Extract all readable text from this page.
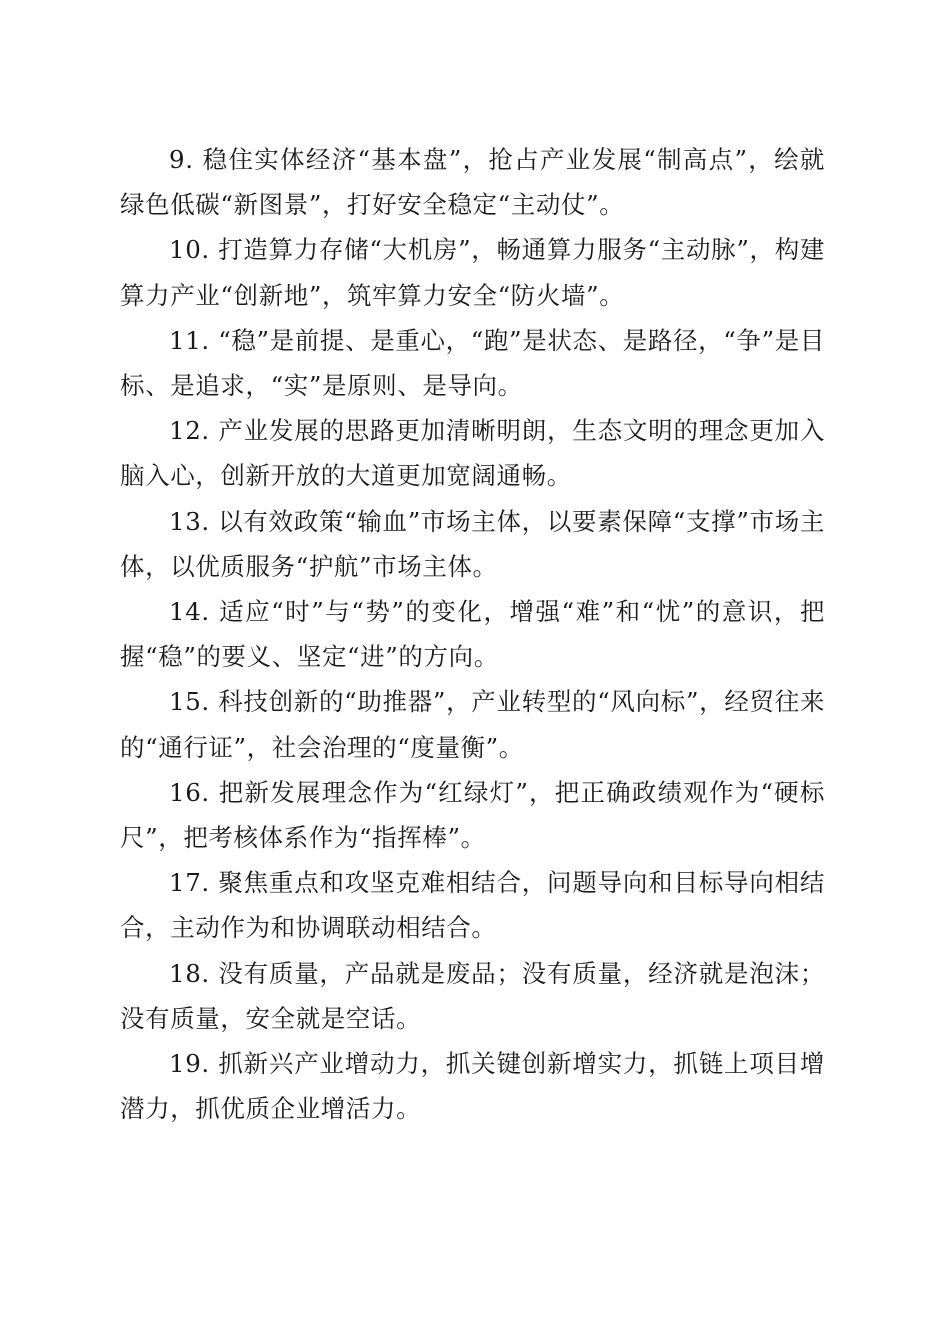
9. 稳住实体经济“基本盘”，抢占产业发展“制高点”，绘就绿色低碳“新图景”，打好安全稳定“主动仗”。

10. 打造算力存储“大机房”，畅通算力服务“主动脉”，构建算力产业“创新地”，筑牢算力安全“防火墙”。

11. “稳”是前提、是重心，“跑”是状态、是路径，“争”是目标、是追求，“实”是原则、是导向。

12. 产业发展的思路更加清晰明朗，生态文明的理念更加入脑入心，创新开放的大道更加宽阔通畅。

13. 以有效政策“输血”市场主体，以要素保障“支撑”市场主体，以优质服务“护航”市场主体。

14. 适应“时”与“势”的变化，增强“难”和“忧”的意识，把握“稳”的要义、坚定“进”的方向。

15. 科技创新的“助推器”，产业转型的“风向标”，经贸往来的“通行证”，社会治理的“度量衡”。

16. 把新发展理念作为“红绿灯”，把正确政绩观作为“硬标尺”，把考核体系作为“指挥棒”。

17. 聚焦重点和攻坚克难相结合，问题导向和目标导向相结合，主动作为和协调联动相结合。

18. 没有质量，产品就是废品；没有质量，经济就是泡沫；没有质量，安全就是空话。

19. 抓新兴产业增动力，抓关键创新增实力，抓链上项目增潜力，抓优质企业增活力。
